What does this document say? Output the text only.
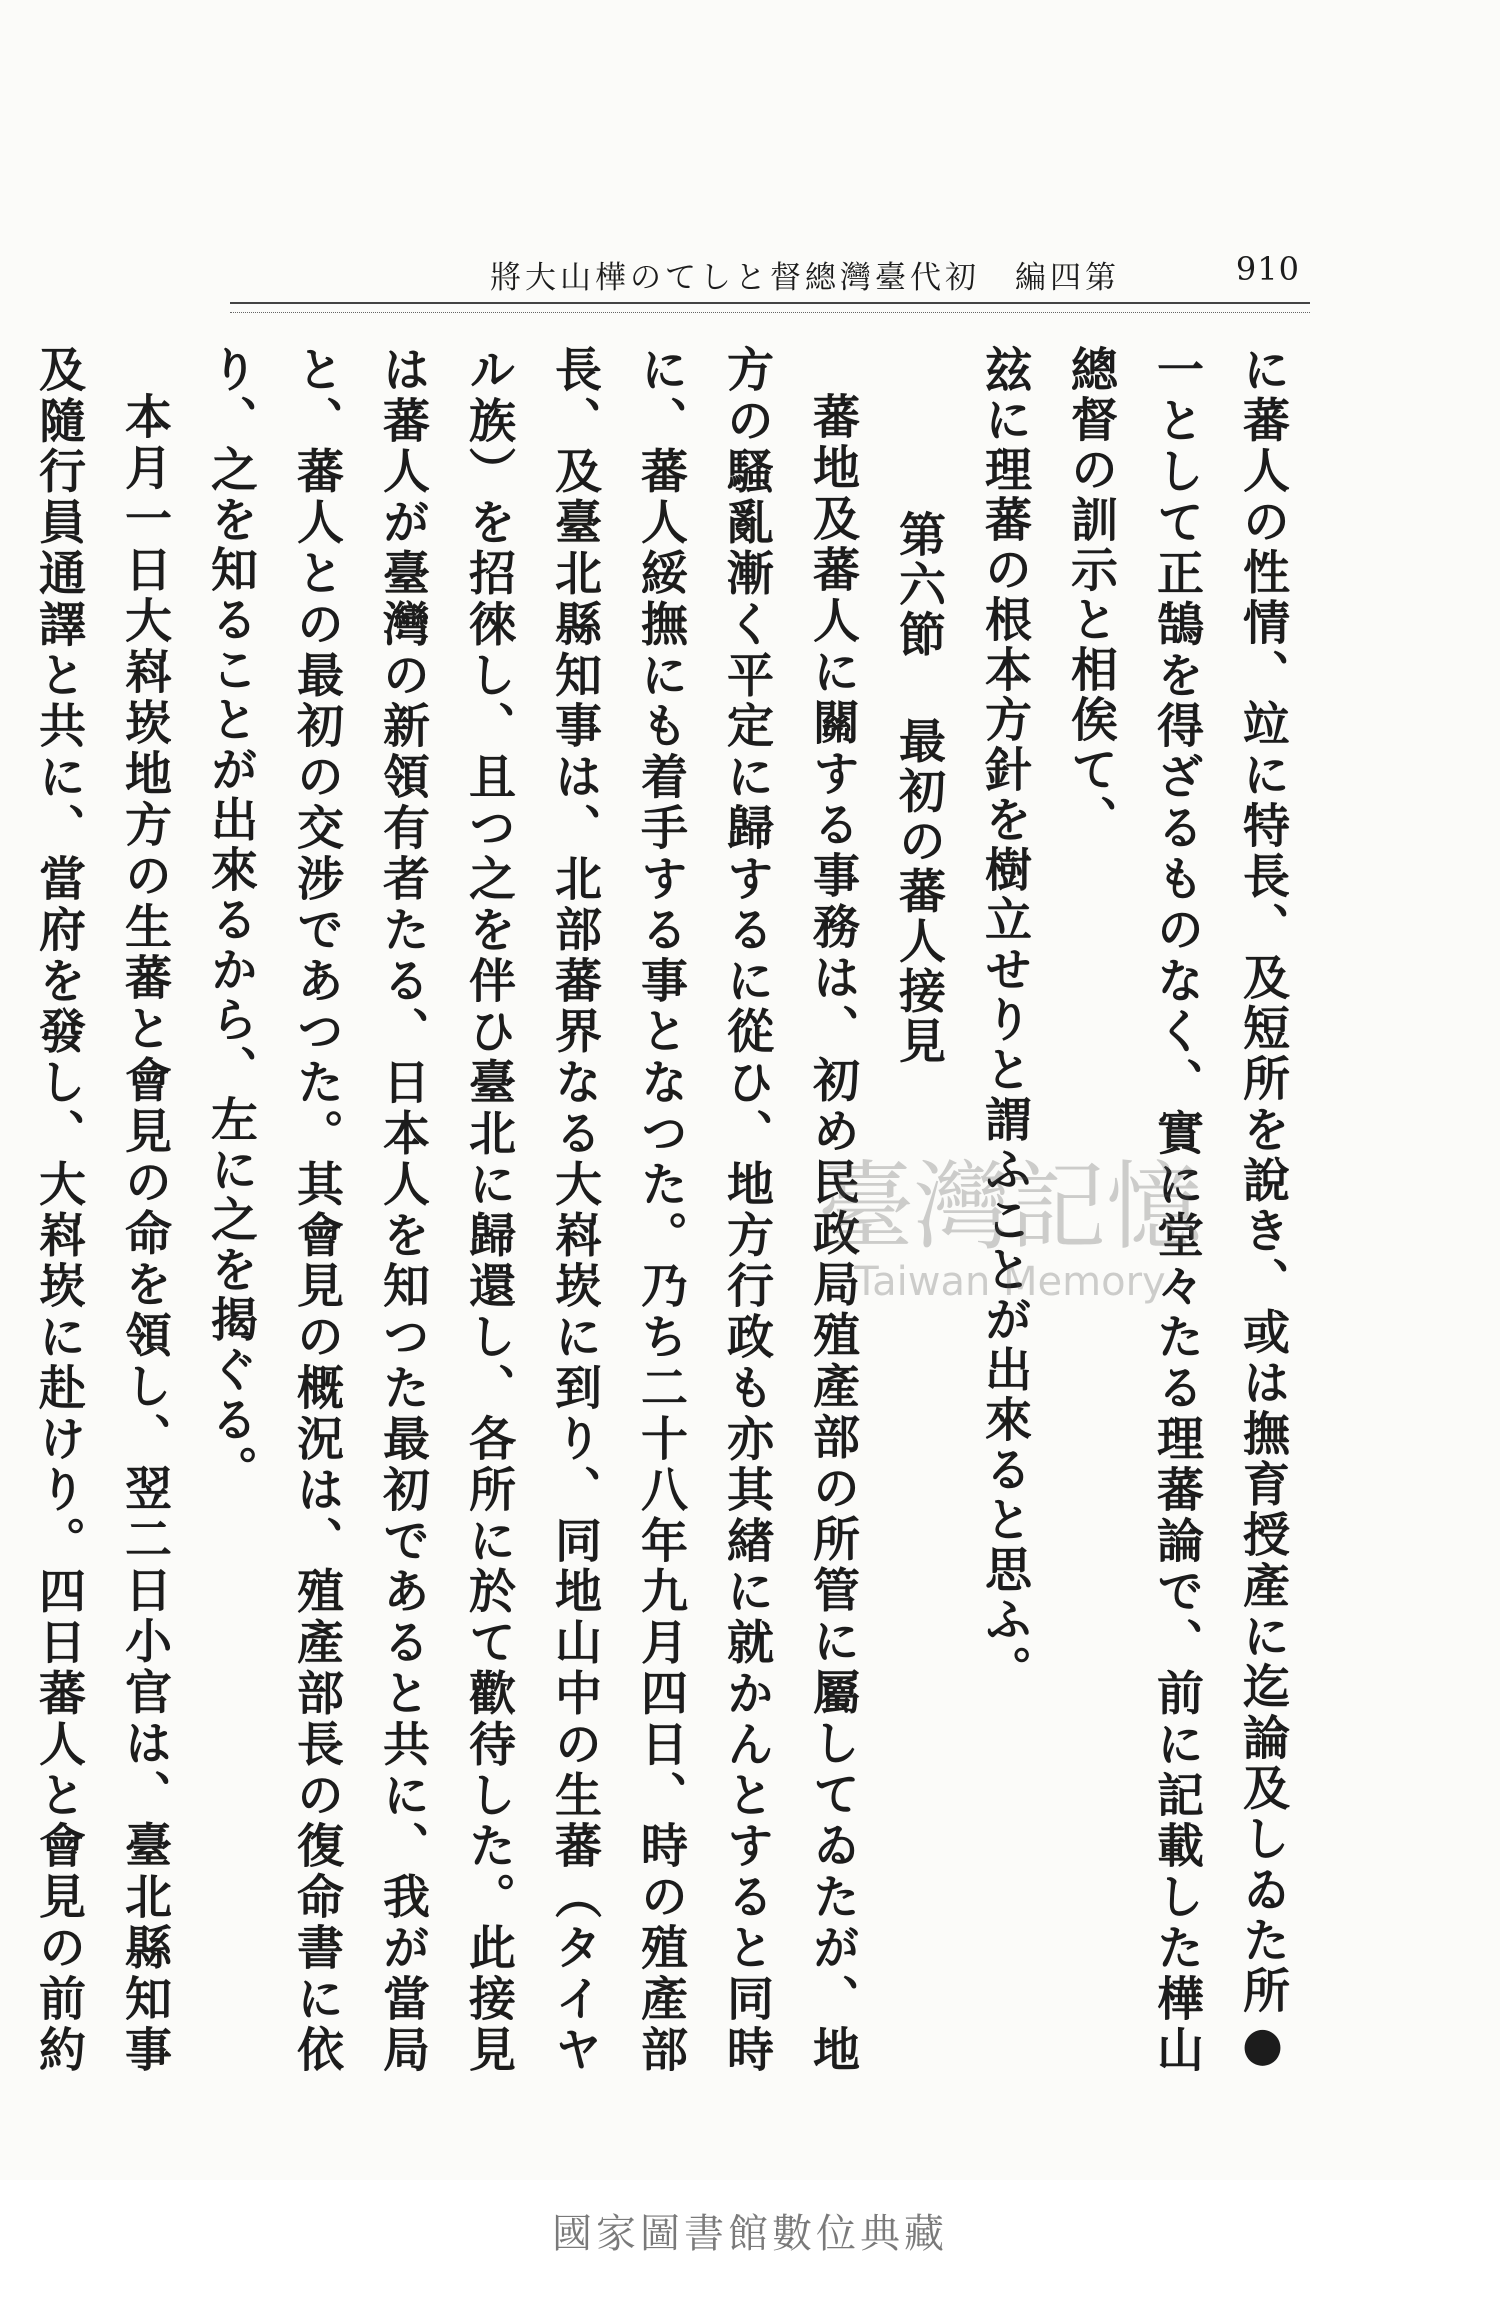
第四編　初代臺灣總督としての樺山大將	910

に蕃人の性情、竝に特長、及短所を說き、或は撫育授產に迄論及しゐた所●一として正鵠を得ざるものなく、實に堂々たる理蕃論で、前に記載した樺山總督の訓示と相俟て、

玆に理蕃の根本方針を樹立せりと謂ふことが出來ると思ふ。

第六節最初の蕃人接見

蕃地及蕃人に關する事務は、初め民政局殖產部の所管に屬してゐたが、地方の騷亂漸く平定に歸するに從ひ、地方行政も亦其緖に就かんとすると同時に、蕃人綏撫にも着手する事となつた。乃ち二十八年九月四日、時の殖產部長、及臺北縣知事は、北部蕃界なる大嵙崁に到り、同地山中の生蕃（タイヤル族）を招徠し、且つ之を伴ひ臺北に歸還し、各所に於て歡待した。此接見は蕃人が臺灣の新領有者たる、日本人を知つた最初であると共に、我が當局と、蕃人との最初の交涉であつた。其會見の概況は、殖產部長の復命書に依り、之を知ることが出來るから、左に之を揭ぐる。

本月一日大嵙崁地方の生蕃と會見の命を領し、翌二日小官は、臺北縣知事及隨行員通譯と共に、當府を發し、大嵙崁に赴けり。四日蕃人と會見の前約

臺灣記憶
Taiwan Memory
國家圖書館數位典藏
